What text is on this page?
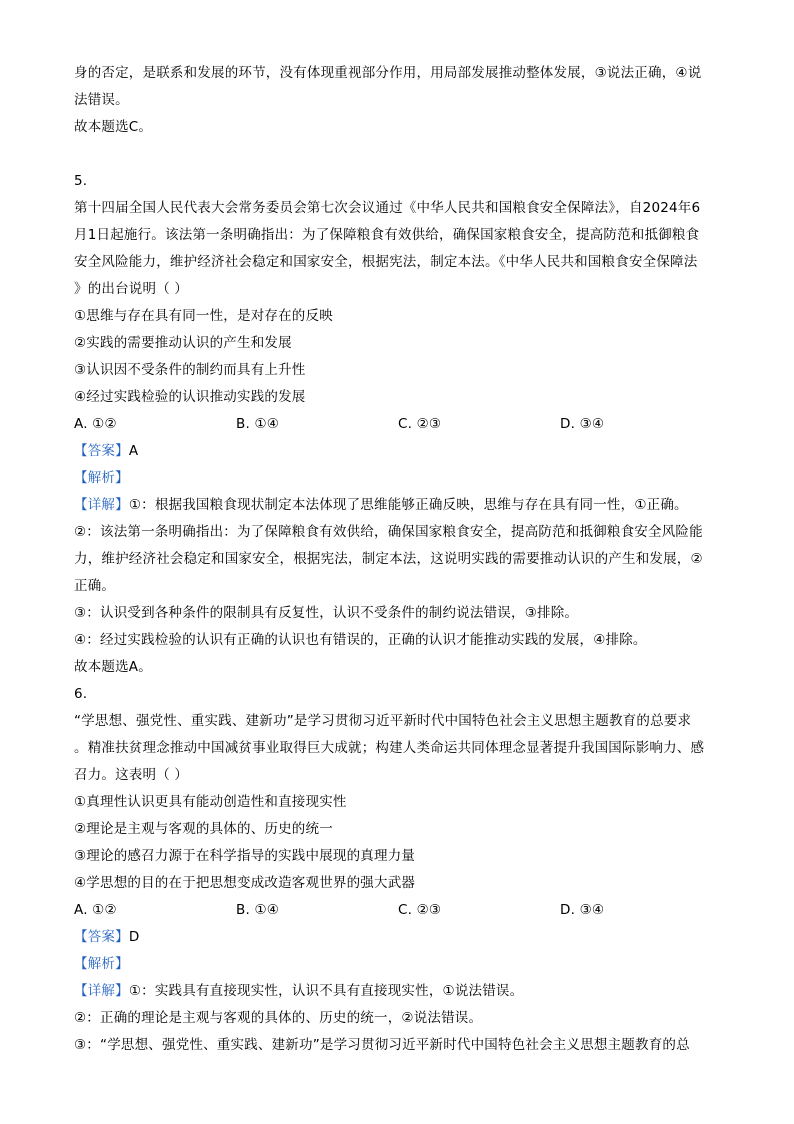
身的否定，是联系和发展的环节，没有体现重视部分作用，用局部发展推动整体发展，③说法正确，④说
法错误。
故本题选C。
5.
第十四届全国人民代表大会常务委员会第七次会议通过《中华人民共和国粮食安全保障法》，自2024年6
月1日起施行。该法第一条明确指出：为了保障粮食有效供给，确保国家粮食安全，提高防范和抵御粮食
安全风险能力，维护经济社会稳定和国家安全，根据宪法，制定本法。《中华人民共和国粮食安全保障法
》的出台说明（ ）
①思维与存在具有同一性，是对存在的反映
②实践的需要推动认识的产生和发展
③认识因不受条件的制约而具有上升性
④经过实践检验的认识推动实践的发展
A. ①②	B. ①④	C. ②③	D. ③④
【答案】A
【解析】
【详解】①：根据我国粮食现状制定本法体现了思维能够正确反映，思维与存在具有同一性，①正确。
②：该法第一条明确指出：为了保障粮食有效供给，确保国家粮食安全，提高防范和抵御粮食安全风险能
力，维护经济社会稳定和国家安全，根据宪法，制定本法，这说明实践的需要推动认识的产生和发展，②
正确。
③：认识受到各种条件的限制具有反复性，认识不受条件的制约说法错误，③排除。
④：经过实践检验的认识有正确的认识也有错误的，正确的认识才能推动实践的发展，④排除。
故本题选A。
6.
“学思想、强党性、重实践、建新功”是学习贯彻习近平新时代中国特色社会主义思想主题教育的总要求
。精准扶贫理念推动中国减贫事业取得巨大成就；构建人类命运共同体理念显著提升我国国际影响力、感
召力。这表明（ ）
①真理性认识更具有能动创造性和直接现实性
②理论是主观与客观的具体的、历史的统一
③理论的感召力源于在科学指导的实践中展现的真理力量
④学思想的目的在于把思想变成改造客观世界的强大武器
A. ①②	B. ①④	C. ②③	D. ③④
【答案】D
【解析】
【详解】①：实践具有直接现实性，认识不具有直接现实性，①说法错误。
②：正确的理论是主观与客观的具体的、历史的统一，②说法错误。
③：“学思想、强党性、重实践、建新功”是学习贯彻习近平新时代中国特色社会主义思想主题教育的总
